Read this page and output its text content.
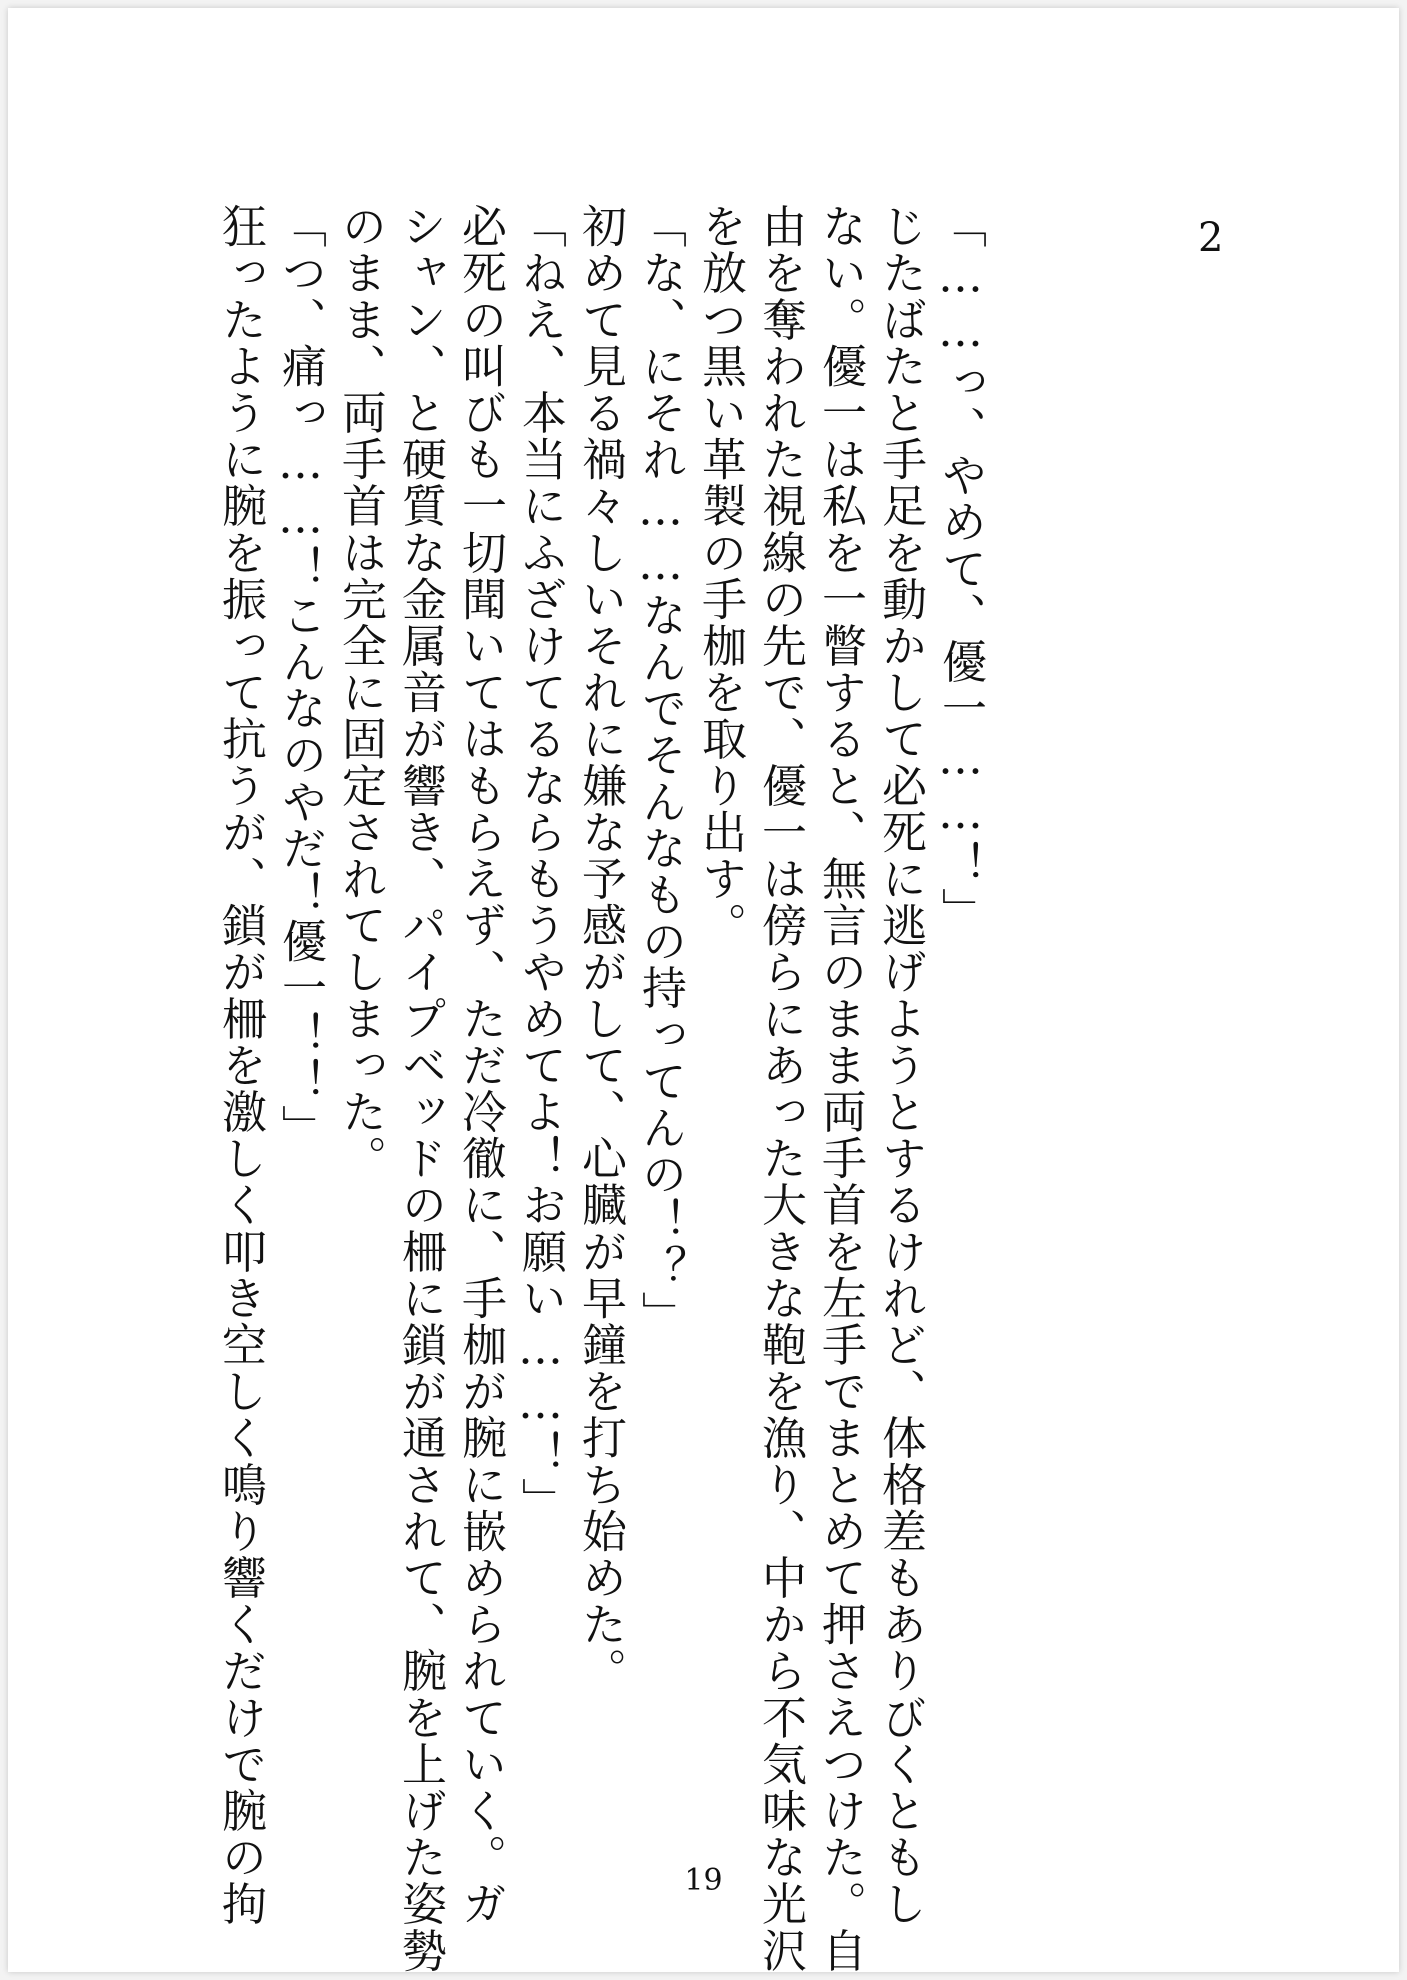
2
「……っ、やめて、優一……！」
じたばたと手足を動かして必死に逃げようとするけれど、体格差もありびくともし
ない。優一は私を一瞥すると、無言のまま両手首を左手でまとめて押さえつけた。自
由を奪われた視線の先で、優一は傍らにあった大きな鞄を漁り、中から不気味な光沢
を放つ黒い革製の手枷を取り出す。
「な、にそれ……なんでそんなもの持ってんの！？」
初めて見る禍々しいそれに嫌な予感がして、心臓が早鐘を打ち始めた。
「ねえ、本当にふざけてるならもうやめてよ！お願い……！」
必死の叫びも一切聞いてはもらえず、ただ冷徹に、手枷が腕に嵌められていく。ガ
シャン、と硬質な金属音が響き、パイプベッドの柵に鎖が通されて、腕を上げた姿勢
のまま、両手首は完全に固定されてしまった。
「つ、痛っ……！こんなのやだ！優一！！」
狂ったように腕を振って抗うが、鎖が柵を激しく叩き空しく鳴り響くだけで腕の拘	19
